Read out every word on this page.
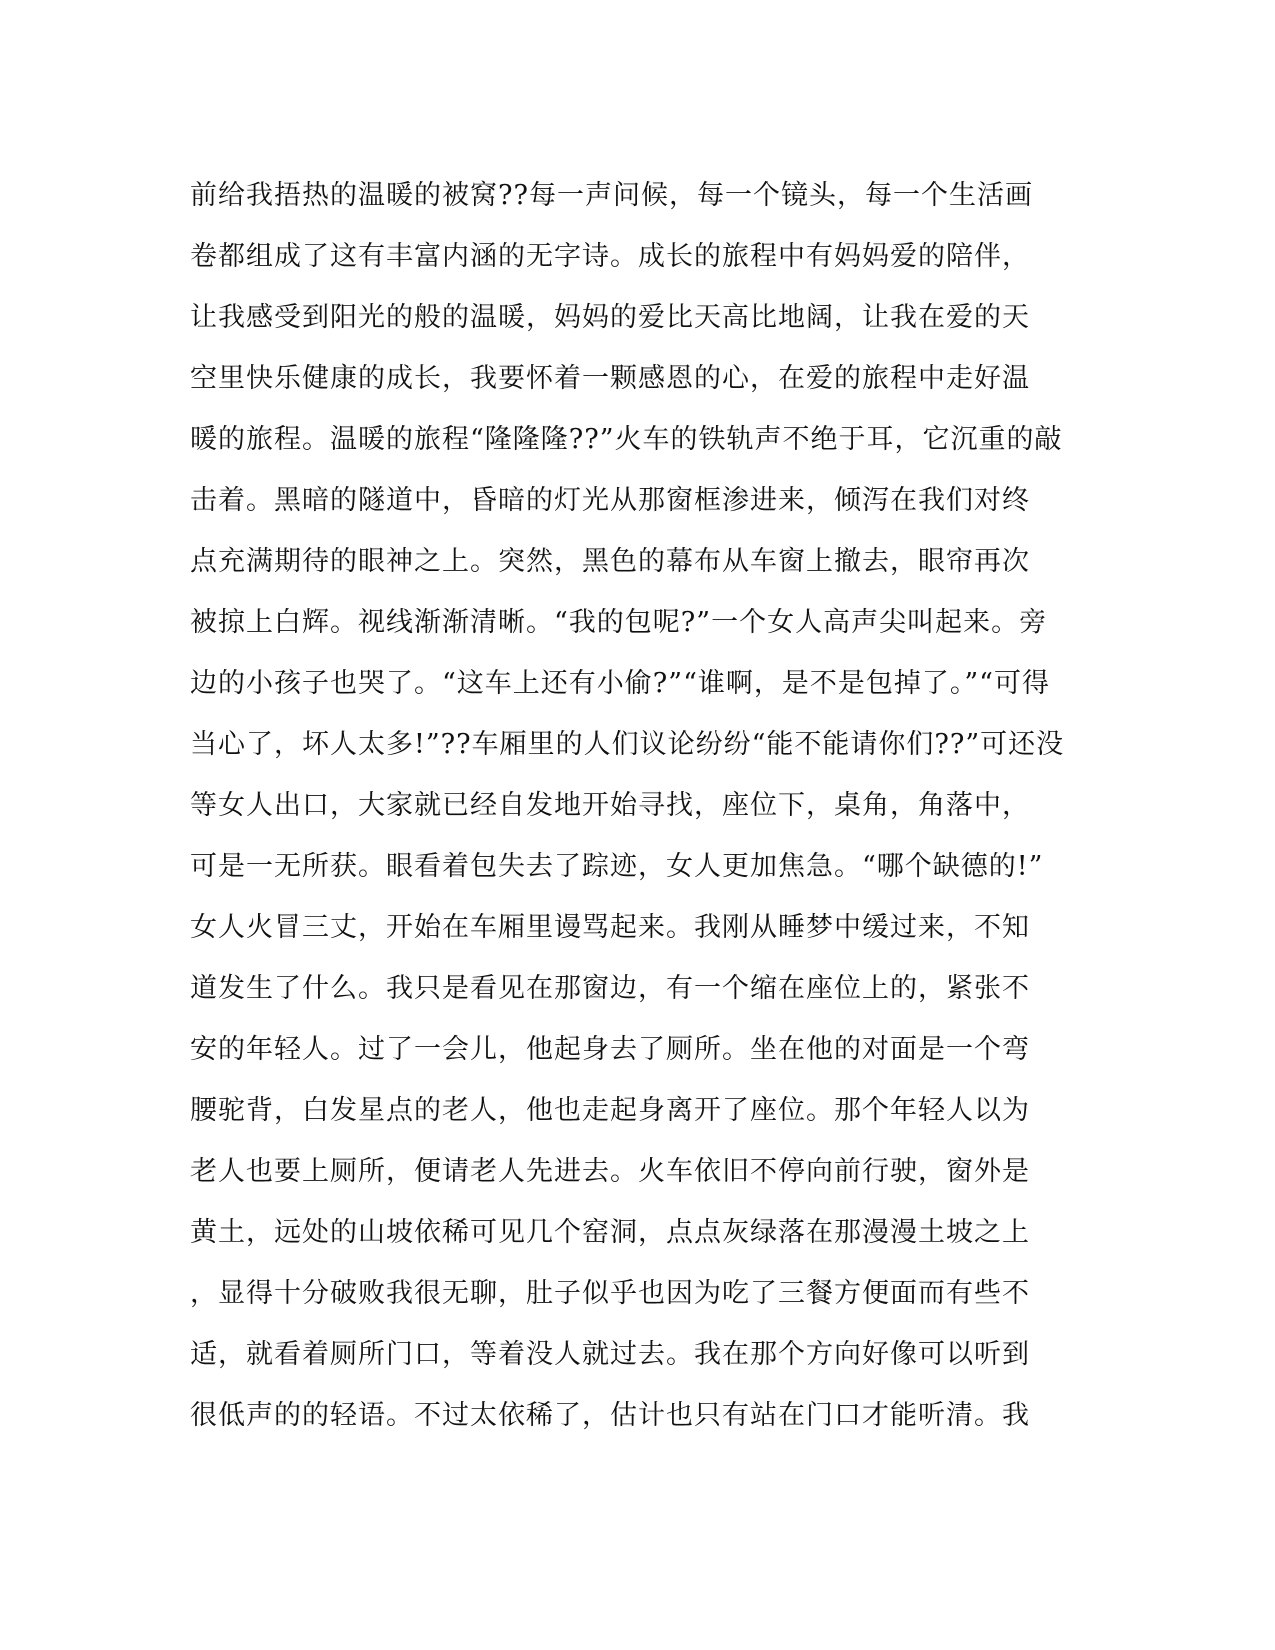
前给我捂热的温暖的被窝??每一声问候，每一个镜头，每一个生活画
卷都组成了这有丰富内涵的无字诗。成长的旅程中有妈妈爱的陪伴，
让我感受到阳光的般的温暖，妈妈的爱比天高比地阔，让我在爱的天
空里快乐健康的成长，我要怀着一颗感恩的心，在爱的旅程中走好温
暖的旅程。温暖的旅程“隆隆隆??”火车的铁轨声不绝于耳，它沉重的敲
击着。黑暗的隧道中，昏暗的灯光从那窗框渗进来，倾泻在我们对终
点充满期待的眼神之上。突然，黑色的幕布从车窗上撤去，眼帘再次
被掠上白辉。视线渐渐清晰。“我的包呢?”一个女人高声尖叫起来。旁
边的小孩子也哭了。“这车上还有小偷?”“谁啊，是不是包掉了。”“可得
当心了，坏人太多!”??车厢里的人们议论纷纷“能不能请你们??”可还没
等女人出口，大家就已经自发地开始寻找，座位下，桌角，角落中，
可是一无所获。眼看着包失去了踪迹，女人更加焦急。“哪个缺德的!”
女人火冒三丈，开始在车厢里谩骂起来。我刚从睡梦中缓过来，不知
道发生了什么。我只是看见在那窗边，有一个缩在座位上的，紧张不
安的年轻人。过了一会儿，他起身去了厕所。坐在他的对面是一个弯
腰驼背，白发星点的老人，他也走起身离开了座位。那个年轻人以为
老人也要上厕所，便请老人先进去。火车依旧不停向前行驶，窗外是
黄土，远处的山坡依稀可见几个窑洞，点点灰绿落在那漫漫土坡之上
，显得十分破败我很无聊，肚子似乎也因为吃了三餐方便面而有些不
适，就看着厕所门口，等着没人就过去。我在那个方向好像可以听到
很低声的的轻语。不过太依稀了，估计也只有站在门口才能听清。我
